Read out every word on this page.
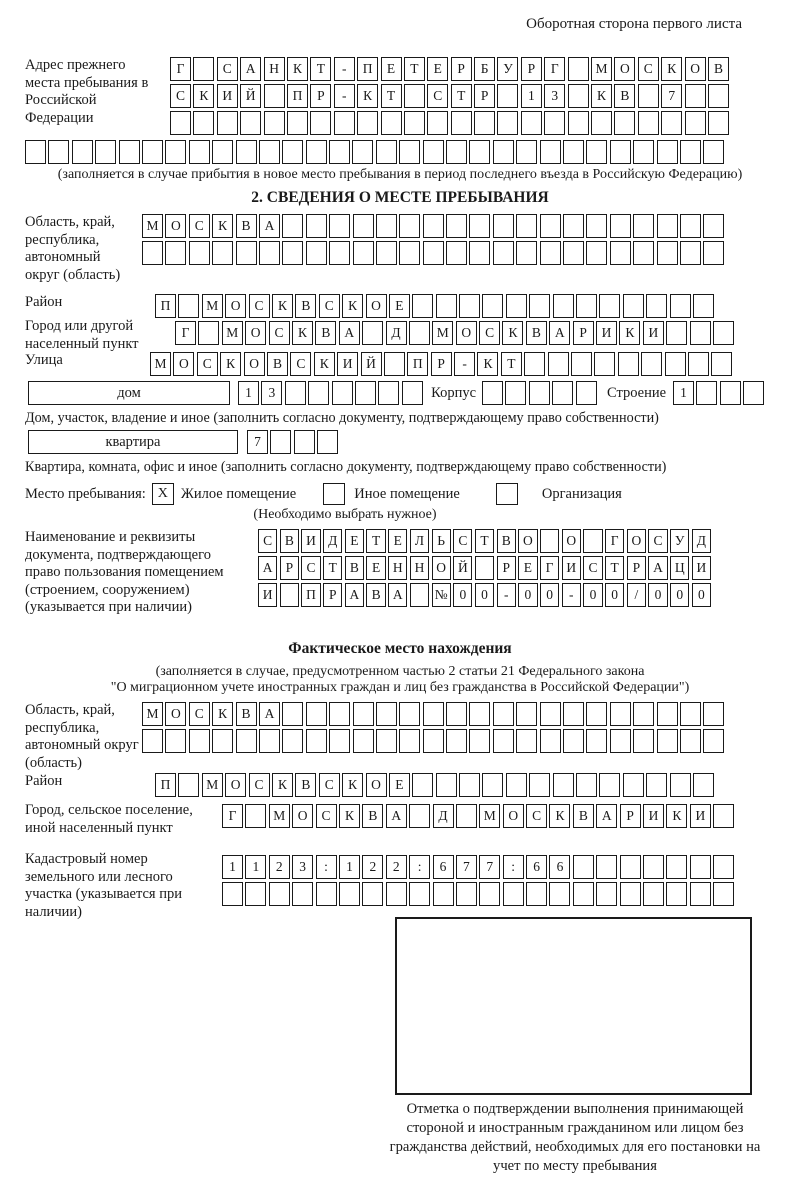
Оборотная сторона первого листа
Адрес прежнего места пребывания в Российской Федерации
Г	С	А	Н	К	Т	-	П	Е	Т	Е	Р	Б	У	Р	Г	М О	С	К	О	В
С	К	И	Й	П	Р	-	К	Т	С	Т	Р	1	3	К	В	7
(заполняется в случае прибытия в новое место пребывания в период последнего въезда в Российскую Федерацию)
2. СВЕДЕНИЯ О МЕСТЕ ПРЕБЫВАНИЯ
Область, край, республика, автономный округ (область)
М О	С	К	В	А
Район	П	М О	С	К	В	С	К	О	Е
Город или другой населенный пункт
Г	М О	С	К	В	А	Д	М О	С	К	В	А	Р	И	К	И
Улица	М О	С	К	О	В	С	К	И	Й	П	Р	-	К	Т
дом	1	3	Корпус	Строение	1
Дом, участок, владение и иное (заполнить согласно документу, подтверждающему право собственности)
квартира	7
Квартира, комната, офис и иное (заполнить согласно документу, подтверждающему право собственности)
Место пребывания: X Жилое помещение	Иное помещение	Организация
(Необходимо выбрать нужное)
Наименование и реквизиты документа, подтверждающего право пользования помещением (строением, сооружением) (указывается при наличии)
С В И Д Е Т Е Л Ь С Т В О	О	Г О С У Д
А Р С Т В Е Н Н О Й	Р	Е	Г И С Т	Р А Ц И
И	П Р А В А	№ 0	0	-	0	0	-	0	0	/	0	0	0
Фактическое место нахождения
(заполняется в случае, предусмотренном частью 2 статьи 21 Федерального закона
"О миграционном учете иностранных граждан и лиц без гражданства в Российской Федерации")
Область, край, республика, автономный округ (область)
М О	С	К	В	А
Район	П	М О	С	К	В	С	К	О	Е
Город, сельское поселение, иной населенный пункт
Г	М О	С	К	В	А	Д	М О	С	К	В	А	Р	И	К	И
Кадастровый номер земельного или лесного участка (указывается при наличии)
1	1	2	3	:	1	2	2	:	6	7	7	:	6	6
Отметка о подтверждении выполнения принимающей стороной и иностранным гражданином или лицом без гражданства действий, необходимых для его постановки на учет по месту пребывания
